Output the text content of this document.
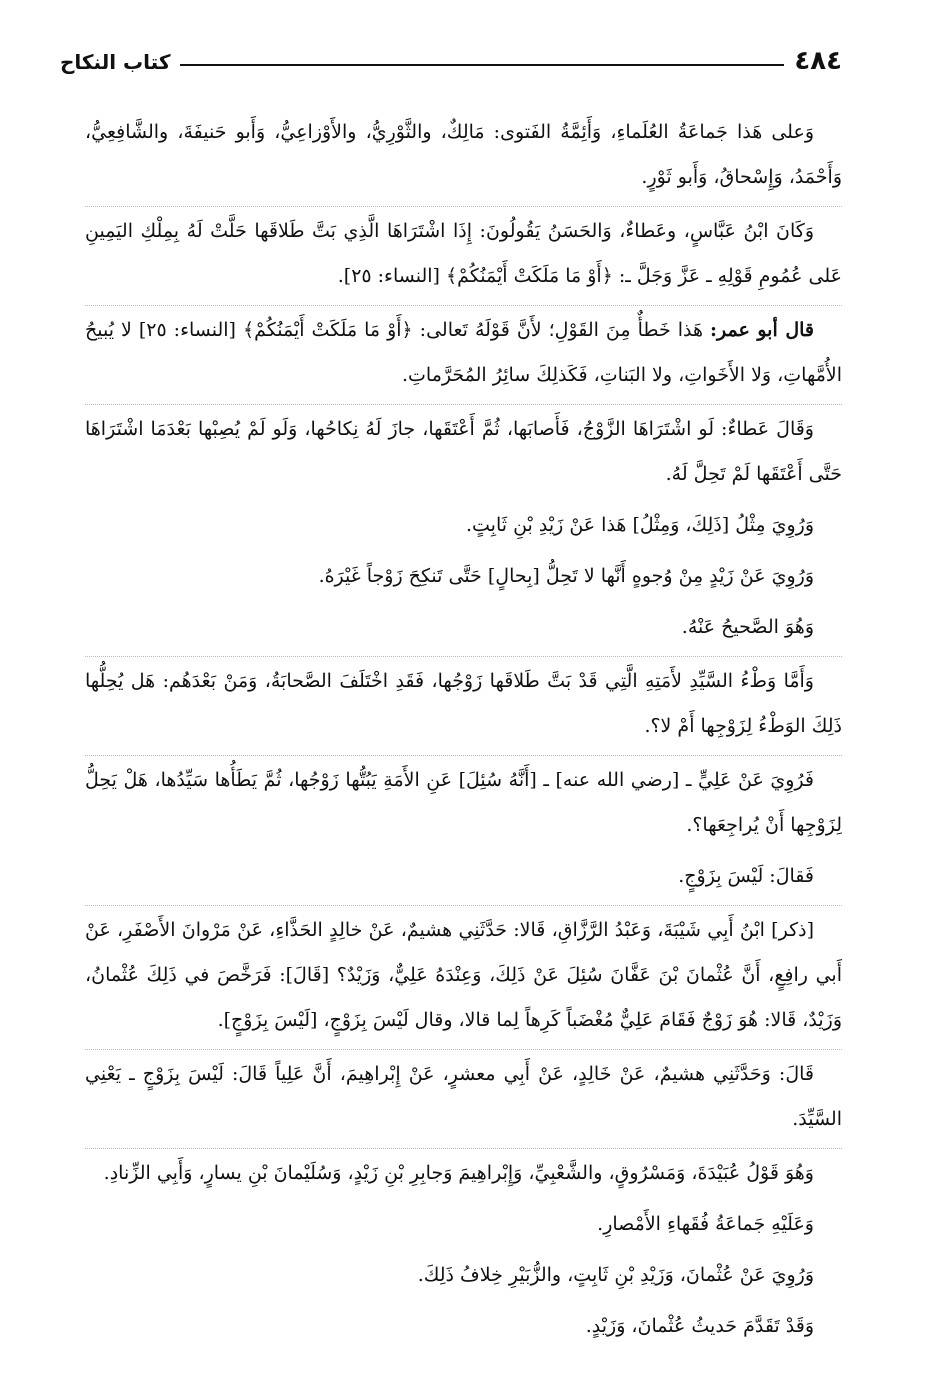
٤٨٤
كتاب النكاح

وَعلى هَذا جَماعَةُ العُلَماءِ، وَأَئِمَّةُ الفَتوى: مَالِكٌ، والثَّوْرِيُّ، والأَوْزاعِيُّ، وَأَبو حَنيفَةَ، والشَّافِعِيُّ، وَأَحْمَدُ، وَإِسْحاقُ، وَأَبو ثَوْرٍ.

وَكَانَ ابْنُ عَبَّاسٍ، وعَطاءٌ، وَالحَسَنُ يَقُولُونَ: إِذَا اشْتَرَاهَا الَّذِي بَتَّ طَلاقَها حَلَّتْ لَهُ بِمِلْكِ اليَمِينِ عَلى عُمُومِ قَوْلِهِ ـ عَزَّ وَجَلَّ ـ: ﴿أَوْ مَا مَلَكَتْ أَيْمَنُكُمْ﴾ [النساء: ٢٥].

قال أبو عمر: هَذا خَطأٌ مِنَ القَوْلِ؛ لأَنَّ قَوْلَهُ تَعالى: ﴿أَوْ مَا مَلَكَتْ أَيْمَنُكُمْ﴾ [النساء: ٢٥] لا يُبيحُ الأُمَّهاتِ، وَلا الأَخَواتِ، ولا البَناتِ، فَكَذلِكَ سائِرُ المُحَرَّماتِ.

وَقَالَ عَطاءٌ: لَو اشْتَرَاهَا الزَّوْجُ، فَأَصابَها، ثُمَّ أَعْتَقَها، جازَ لَهُ نِكاحُها، وَلَو لَمْ يُصِبْها بَعْدَمَا اشْتَرَاهَا حَتَّى أَعْتَقَها لَمْ تَحِلَّ لَهُ.

وَرُوِيَ مِثْلُ [ذَلِكَ، وَمِثْلُ] هَذا عَنْ زَيْدِ بْنِ ثَابِتٍ.

وَرُوِيَ عَنْ زَيْدٍ مِنْ وُجوهٍ أَنَّها لا تَحِلُّ [بِحالٍ] حَتَّى تَنكِحَ زَوْجاً غَيْرَهُ.

وَهُوَ الصَّحيحُ عَنْهُ.

وَأَمَّا وَطْءُ السَّيِّدِ لأَمَتِهِ الَّتِي قَدْ بَتَّ طَلاقَها زَوْجُها، فَقَدِ اخْتَلَفَ الصَّحابَةُ، وَمَنْ بَعْدَهُم: هَل يُحِلُّها ذَلِكَ الوَطْءُ لِزَوْجِها أَمْ لا؟.

فَرُوِيَ عَنْ عَلِيٍّ ـ [رضي الله عنه] ـ [أَنَّهُ سُئِلَ] عَنِ الأَمَةِ يَبُتُّها زَوْجُها، ثُمَّ يَطَأُها سَيِّدُها، هَلْ يَحِلُّ لِزَوْجِها أَنْ يُراجِعَها؟.

فَقالَ: لَيْسَ بِزَوْجٍ.

[ذكر] ابْنُ أَبِي شَيْبَةَ، وَعَبْدُ الرَّزَّاقِ، قَالا: حَدَّثَنِي هشيمٌ، عَنْ خالِدٍ الحَذَّاءِ، عَنْ مَرْوانَ الأَصْفَرِ، عَنْ أَبي رافِعٍ، أَنَّ عُثْمانَ بْنَ عَفَّانَ سُئِلَ عَنْ ذَلِكَ، وَعِنْدَهُ عَلِيٌّ، وَزَيْدٌ؟ [قَالَ]: فَرَخَّصَ في ذَلِكَ عُثْمانُ، وَزَيْدٌ، قَالا: هُوَ زَوْجٌ فَقَامَ عَلِيٌّ مُغْضَباً كَرِهاً لِما قالا، وقال لَيْسَ بِزَوْجٍ، [لَيْسَ بِزَوْجٍ].

قَالَ: وَحَدَّثَنِي هشيمٌ، عَنْ خَالِدٍ، عَنْ أَبِي معشرٍ، عَنْ إِبْراهِيمَ، أَنَّ عَلِياً قَالَ: لَيْسَ بِزَوْجٍ ـ يَعْنِي السَّيِّدَ.

وَهُوَ قَوْلُ عُبَيْدَةَ، وَمَسْرُوقٍ، والشَّعْبِيِّ، وَإِبْراهِيمَ وَجابِرِ بْنِ زَيْدٍ، وَسُلَيْمانَ بْنِ يسارٍ، وَأَبِي الزِّنادِ.

وَعَلَيْهِ جَماعَةُ فُقَهاءِ الأَمْصارِ.

وَرُوِيَ عَنْ عُثْمانَ، وَزَيْدِ بْنِ ثَابِتٍ، والزُّبَيْرِ خِلافُ ذَلِكَ.

وَقَدْ تَقَدَّمَ حَديثُ عُثْمانَ، وَزَيْدٍ.
